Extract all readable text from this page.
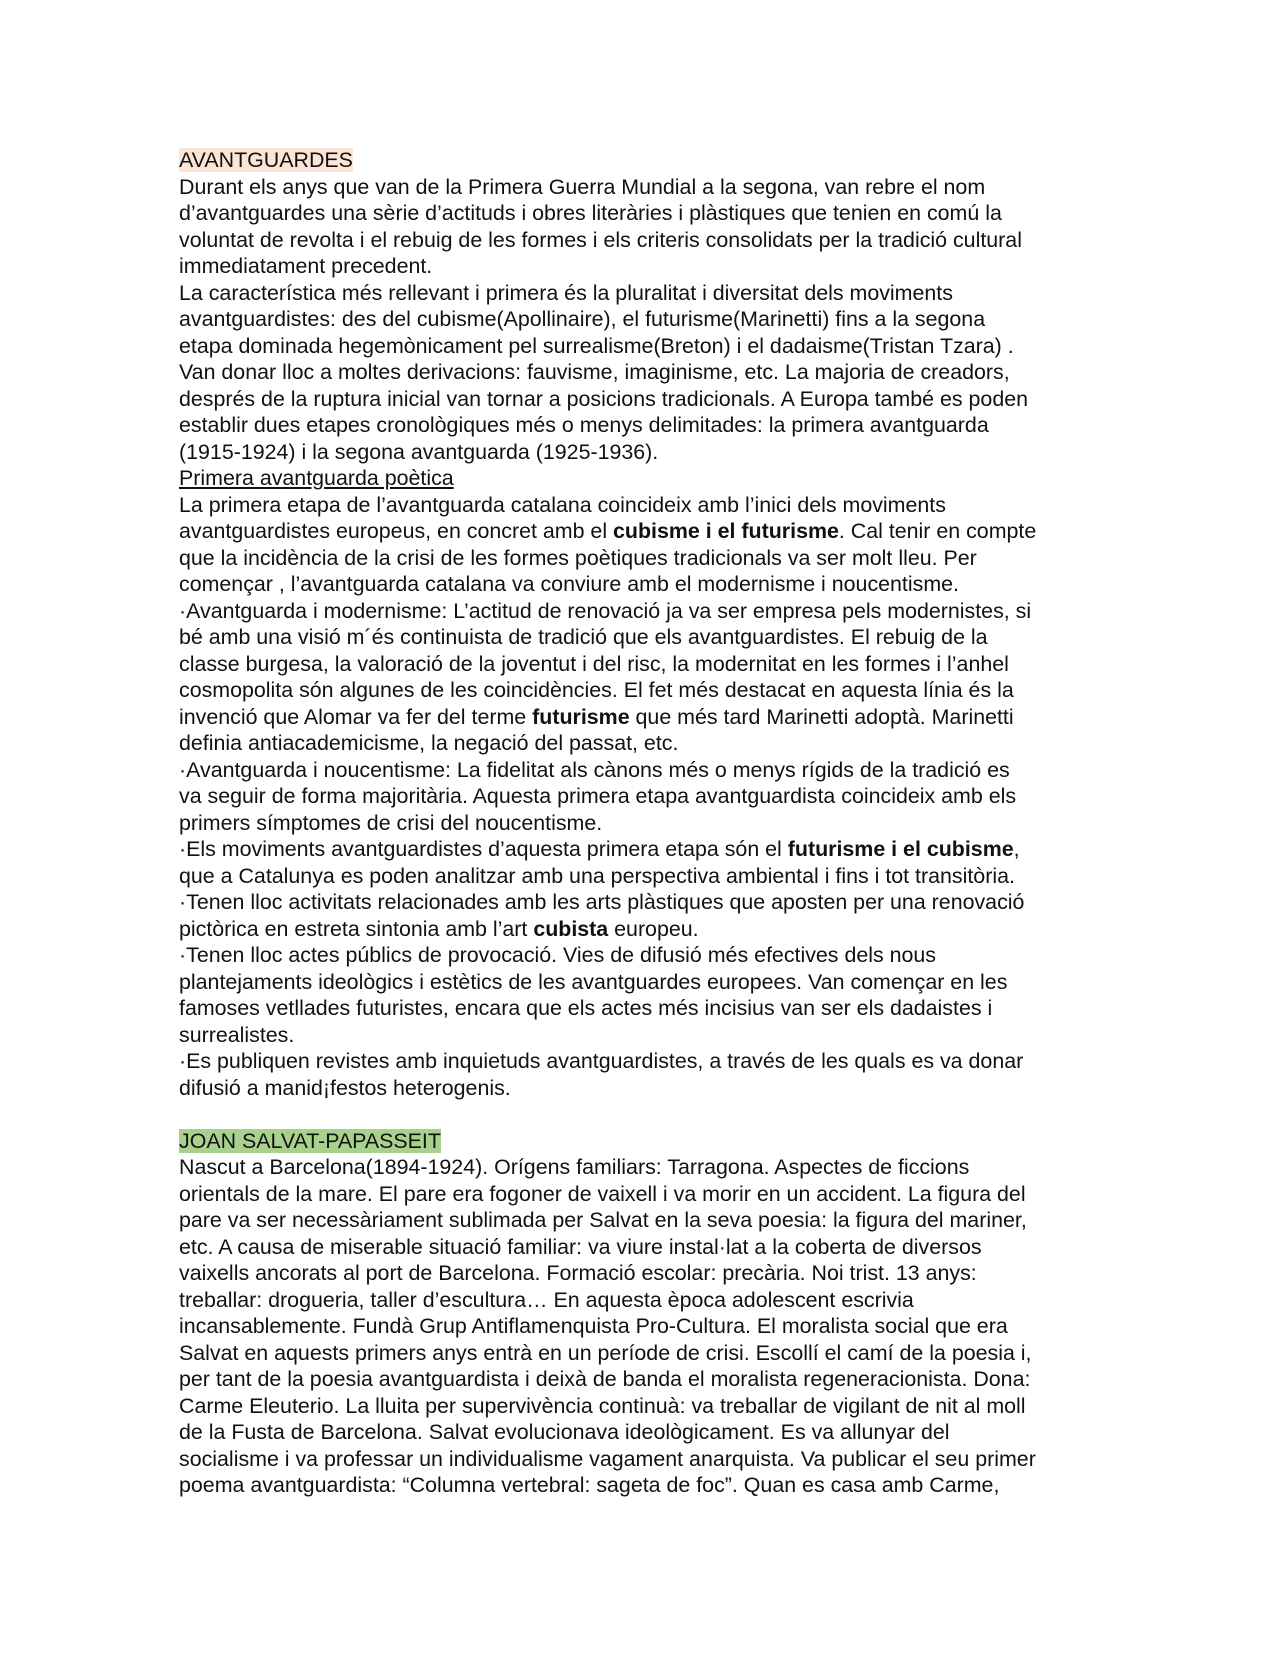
AVANTGUARDES
Durant els anys que van de la Primera Guerra Mundial a la segona, van rebre el nom
d’avantguardes una sèrie d’actituds i obres literàries i plàstiques que tenien en comú la
voluntat de revolta i el rebuig de les formes i els criteris consolidats per la tradició cultural
immediatament precedent.
La característica més rellevant i primera és la pluralitat i diversitat dels moviments
avantguardistes: des del cubisme(Apollinaire), el futurisme(Marinetti) fins a la segona
etapa dominada hegemònicament pel surrealisme(Breton) i el dadaisme(Tristan Tzara) .
Van donar lloc a moltes derivacions: fauvisme, imaginisme, etc. La majoria de creadors,
després de la ruptura inicial van tornar a posicions tradicionals. A Europa també es poden
establir dues etapes cronològiques més o menys delimitades: la primera avantguarda
(1915-1924) i la segona avantguarda (1925-1936).
Primera avantguarda poètica
La primera etapa de l’avantguarda catalana coincideix amb l’inici dels moviments
avantguardistes europeus, en concret amb el cubisme i el futurisme. Cal tenir en compte
que la incidència de la crisi de les formes poètiques tradicionals va ser molt lleu. Per
començar , l’avantguarda catalana va conviure amb el modernisme i noucentisme.
·Avantguarda i modernisme: L’actitud de renovació ja va ser empresa pels modernistes, si
bé amb una visió m´és continuista de tradició que els avantguardistes. El rebuig de la
classe burgesa, la valoració de la joventut i del risc, la modernitat en les formes i l’anhel
cosmopolita són algunes de les coincidències. El fet més destacat en aquesta línia és la
invenció que Alomar va fer del terme futurisme que més tard Marinetti adoptà. Marinetti
definia antiacademicisme, la negació del passat, etc.
·Avantguarda i noucentisme: La fidelitat als cànons més o menys rígids de la tradició es
va seguir de forma majoritària. Aquesta primera etapa avantguardista coincideix amb els
primers símptomes de crisi del noucentisme.
·Els moviments avantguardistes d’aquesta primera etapa són el futurisme i el cubisme,
que a Catalunya es poden analitzar amb una perspectiva ambiental i fins i tot transitòria.
·Tenen lloc activitats relacionades amb les arts plàstiques que aposten per una renovació
pictòrica en estreta sintonia amb l’art cubista europeu.
·Tenen lloc actes públics de provocació. Vies de difusió més efectives dels nous
plantejaments ideològics i estètics de les avantguardes europees. Van començar en les
famoses vetllades futuristes, encara que els actes més incisius van ser els dadaistes i
surrealistes.
·Es publiquen revistes amb inquietuds avantguardistes, a través de les quals es va donar
difusió a manid¡festos heterogenis.
JOAN SALVAT-PAPASSEIT
Nascut a Barcelona(1894-1924). Orígens familiars: Tarragona. Aspectes de ficcions
orientals de la mare. El pare era fogoner de vaixell i va morir en un accident. La figura del
pare va ser necessàriament sublimada per Salvat en la seva poesia: la figura del mariner,
etc. A causa de miserable situació familiar: va viure instal·lat a la coberta de diversos
vaixells ancorats al port de Barcelona. Formació escolar: precària. Noi trist. 13 anys:
treballar: drogueria, taller d’escultura… En aquesta època adolescent escrivia
incansablemente. Fundà Grup Antiflamenquista Pro-Cultura. El moralista social que era
Salvat en aquests primers anys entrà en un període de crisi. Escollí el camí de la poesia i,
per tant de la poesia avantguardista i deixà de banda el moralista regeneracionista. Dona:
Carme Eleuterio. La lluita per supervivència continuà: va treballar de vigilant de nit al moll
de la Fusta de Barcelona. Salvat evolucionava ideològicament. Es va allunyar del
socialisme i va professar un individualisme vagament anarquista. Va publicar el seu primer
poema avantguardista: “Columna vertebral: sageta de foc”. Quan es casa amb Carme,
